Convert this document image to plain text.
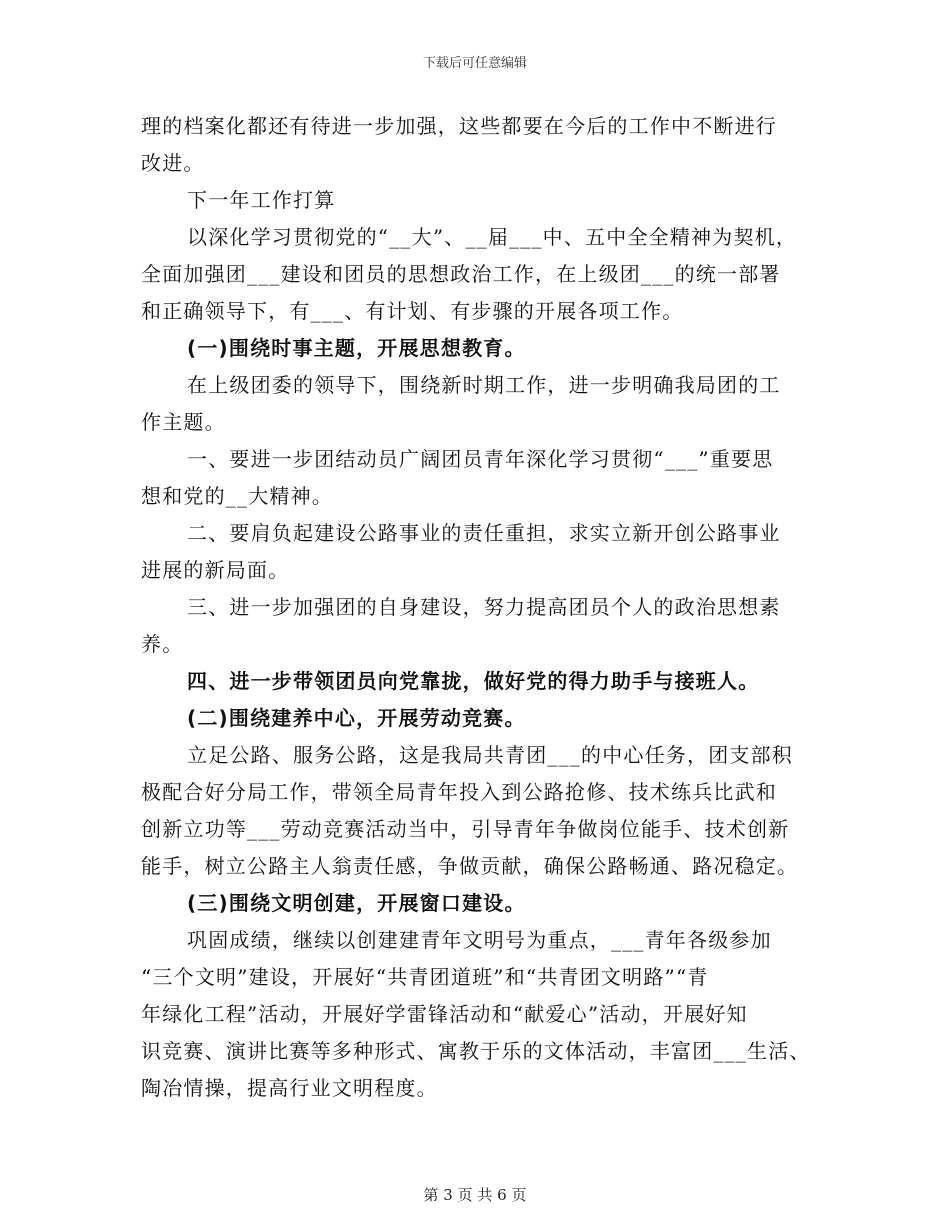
下载后可任意编辑
理的档案化都还有待进一步加强，这些都要在今后的工作中不断进行
改进。
下一年工作打算
以深化学习贯彻党的“__大”、__届___中、五中全全精神为契机，
全面加强团___建设和团员的思想政治工作，在上级团___的统一部署
和正确领导下，有___、有计划、有步骤的开展各项工作。
(一)围绕时事主题，开展思想教育。
在上级团委的领导下，围绕新时期工作，进一步明确我局团的工
作主题。
一、要进一步团结动员广阔团员青年深化学习贯彻“___”重要思
想和党的__大精神。
二、要肩负起建设公路事业的责任重担，求实立新开创公路事业
进展的新局面。
三、进一步加强团的自身建设，努力提高团员个人的政治思想素
养。
四、进一步带领团员向党靠拢，做好党的得力助手与接班人。
(二)围绕建养中心，开展劳动竞赛。
立足公路、服务公路，这是我局共青团___的中心任务，团支部积
极配合好分局工作，带领全局青年投入到公路抢修、技术练兵比武和
创新立功等___劳动竞赛活动当中，引导青年争做岗位能手、技术创新
能手，树立公路主人翁责任感，争做贡献，确保公路畅通、路况稳定。
(三)围绕文明创建，开展窗口建设。
巩固成绩，继续以创建建青年文明号为重点，___青年各级参加
“三个文明”建设，开展好“共青团道班”和“共青团文明路”“青
年绿化工程”活动，开展好学雷锋活动和“献爱心”活动，开展好知
识竞赛、演讲比赛等多种形式、寓教于乐的文体活动，丰富团___生活、
陶冶情操，提高行业文明程度。
第 3 页 共 6 页
